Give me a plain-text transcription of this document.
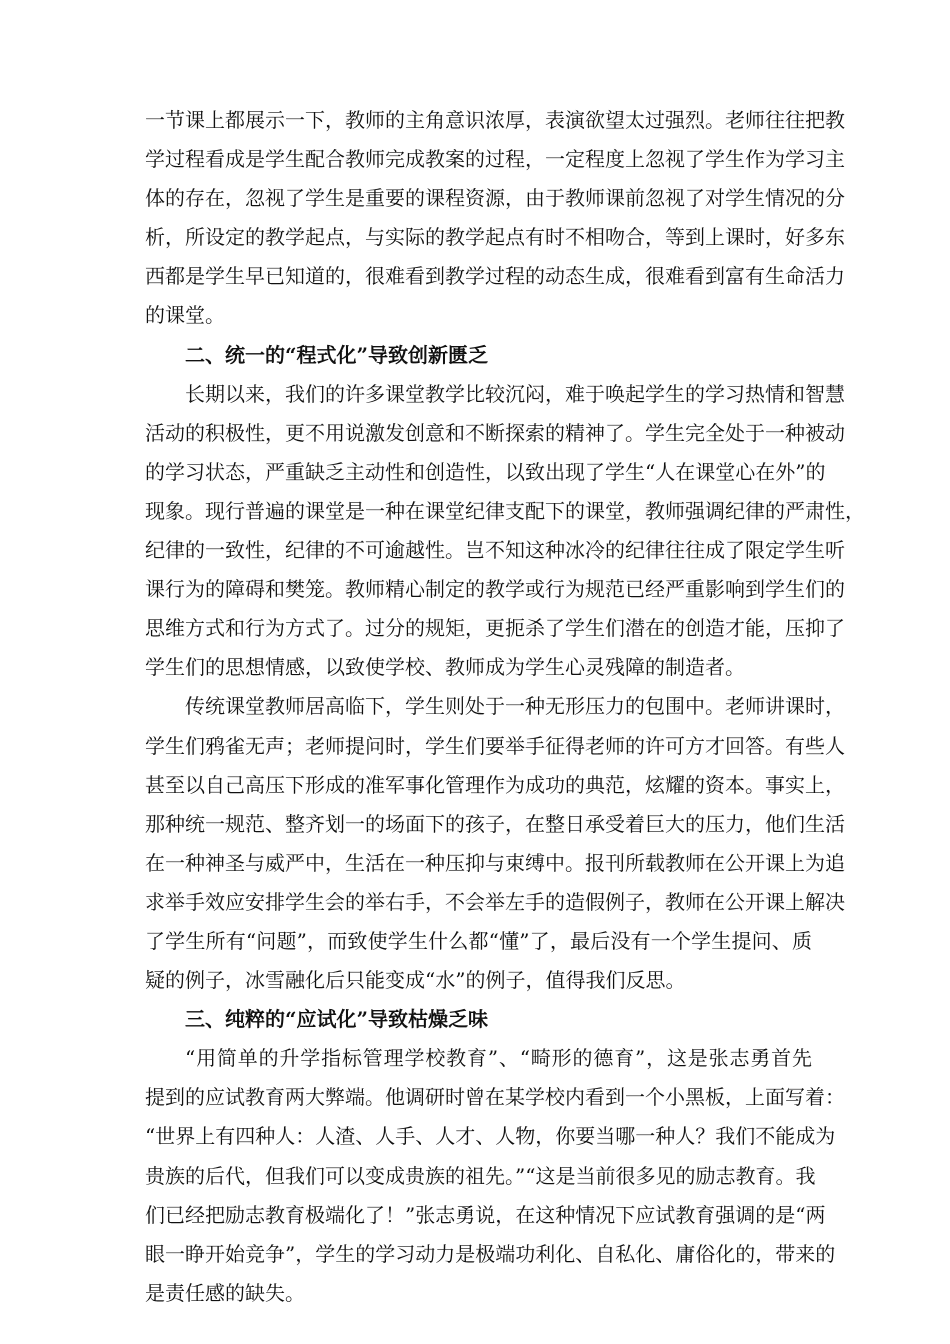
一节课上都展示一下，教师的主角意识浓厚，表演欲望太过强烈。老师往往把教
学过程看成是学生配合教师完成教案的过程，一定程度上忽视了学生作为学习主
体的存在，忽视了学生是重要的课程资源，由于教师课前忽视了对学生情况的分
析，所设定的教学起点，与实际的教学起点有时不相吻合，等到上课时，好多东
西都是学生早已知道的，很难看到教学过程的动态生成，很难看到富有生命活力
的课堂。
二、统一的“程式化”导致创新匮乏
长期以来，我们的许多课堂教学比较沉闷，难于唤起学生的学习热情和智慧
活动的积极性，更不用说激发创意和不断探索的精神了。学生完全处于一种被动
的学习状态，严重缺乏主动性和创造性，以致出现了学生“人在课堂心在外”的
现象。现行普遍的课堂是一种在课堂纪律支配下的课堂，教师强调纪律的严肃性，
纪律的一致性，纪律的不可逾越性。岂不知这种冰冷的纪律往往成了限定学生听
课行为的障碍和樊笼。教师精心制定的教学或行为规范已经严重影响到学生们的
思维方式和行为方式了。过分的规矩，更扼杀了学生们潜在的创造才能，压抑了
学生们的思想情感，以致使学校、教师成为学生心灵残障的制造者。
传统课堂教师居高临下，学生则处于一种无形压力的包围中。老师讲课时，
学生们鸦雀无声；老师提问时，学生们要举手征得老师的许可方才回答。有些人
甚至以自己高压下形成的准军事化管理作为成功的典范，炫耀的资本。事实上，
那种统一规范、整齐划一的场面下的孩子，在整日承受着巨大的压力，他们生活
在一种神圣与威严中，生活在一种压抑与束缚中。报刊所载教师在公开课上为追
求举手效应安排学生会的举右手，不会举左手的造假例子，教师在公开课上解决
了学生所有“问题”，而致使学生什么都“懂”了，最后没有一个学生提问、质
疑的例子，冰雪融化后只能变成“水”的例子，值得我们反思。
三、纯粹的“应试化”导致枯燥乏味
“用简单的升学指标管理学校教育”、“畸形的德育”，这是张志勇首先
提到的应试教育两大弊端。他调研时曾在某学校内看到一个小黑板，上面写着：
“世界上有四种人：人渣、人手、人才、人物，你要当哪一种人？我们不能成为
贵族的后代，但我们可以变成贵族的祖先。”“这是当前很多见的励志教育。我
们已经把励志教育极端化了！”张志勇说，在这种情况下应试教育强调的是“两
眼一睁开始竞争”，学生的学习动力是极端功利化、自私化、庸俗化的，带来的
是责任感的缺失。
